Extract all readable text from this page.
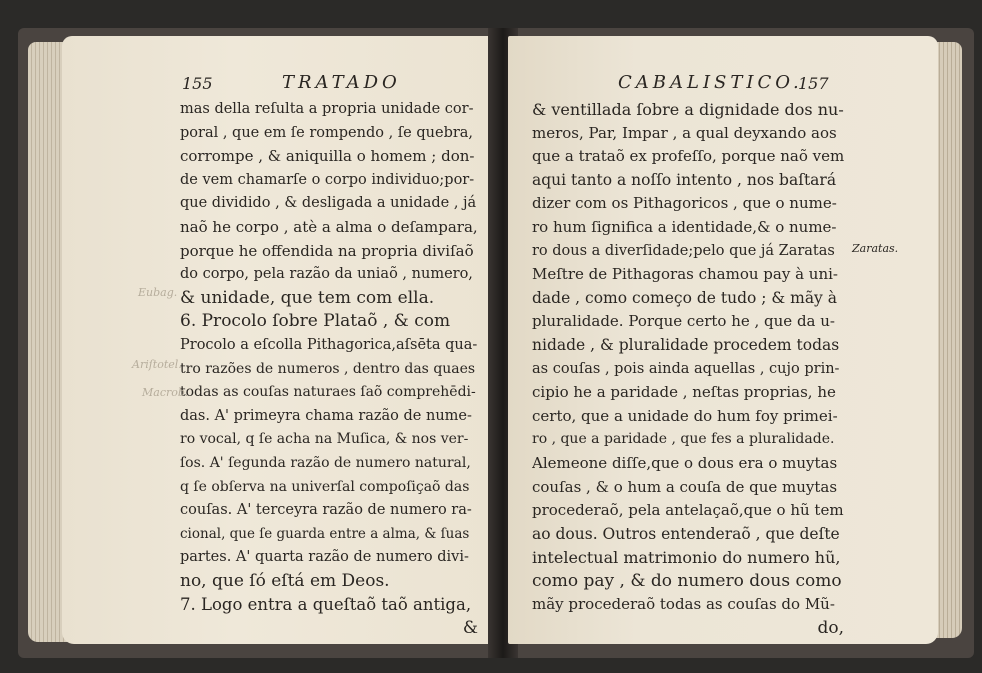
155	TRATADO
mas della reſulta a propria unidade cor-
poral , que em ſe rompendo , ſe quebra,
corrompe , & aniquilla o homem ; don-
de vem chamarſe o corpo individuo;por-
que dividido , & desligada a unidade , já
naõ he corpo , atè a alma o deſampara,
porque he offendida na propria diviſaõ
do corpo, pela razão da uniaõ , numero,
& unidade, que tem com ella.
6. Procolo ſobre Plataõ , & com
Procolo a eſcolla Pithagorica,aſsēta qua-
tro razões de numeros , dentro das quaes
todas as couſas naturaes ſaõ comprehēdi-
das. A' primeyra chama razão de nume-
ro vocal, q ſe acha na Muſica, & nos ver-
ſos. A' ſegunda razão de numero natural,
q ſe obſerva na univerſal compoſiçaõ das
couſas. A' terceyra razão de numero ra-
cional, que ſe guarda entre a alma, & ſuas
partes. A' quarta razão de numero divi-
no, que ſó eſtá em Deos.
7. Logo entra a queſtaõ taõ antiga,
&
Eubag.
Ariſtotel.
Macrob.
CABALISTICO.
157
& ventillada ſobre a dignidade dos nu-
meros, Par, Impar , a qual deyxando aos
que a trataõ ex profeſſo, porque naõ vem
aqui tanto a noſſo intento , nos baſtará
dizer com os Pithagoricos , que o nume-
ro hum ſignifica a identidade,& o nume-
ro dous a diverſidade;pelo que já Zaratas
Meſtre de Pithagoras chamou pay à uni-
dade , como começo de tudo ; & mãy à
pluralidade. Porque certo he , que da u-
nidade , & pluralidade procedem todas
as couſas , pois ainda aquellas , cujo prin-
cipio he a paridade , neſtas proprias, he
certo, que a unidade do hum foy primei-
ro , que a paridade , que fes a pluralidade.
Alemeone diſſe,que o dous era o muytas
couſas , & o hum a couſa de que muytas
procederaõ, pela antelaçaõ,que o hũ tem
ao dous. Outros entenderaõ , que deſte
intelectual matrimonio do numero hũ,
como pay , & do numero dous como
mãy procederaõ todas as couſas do Mũ-
do,
Zaratas.
